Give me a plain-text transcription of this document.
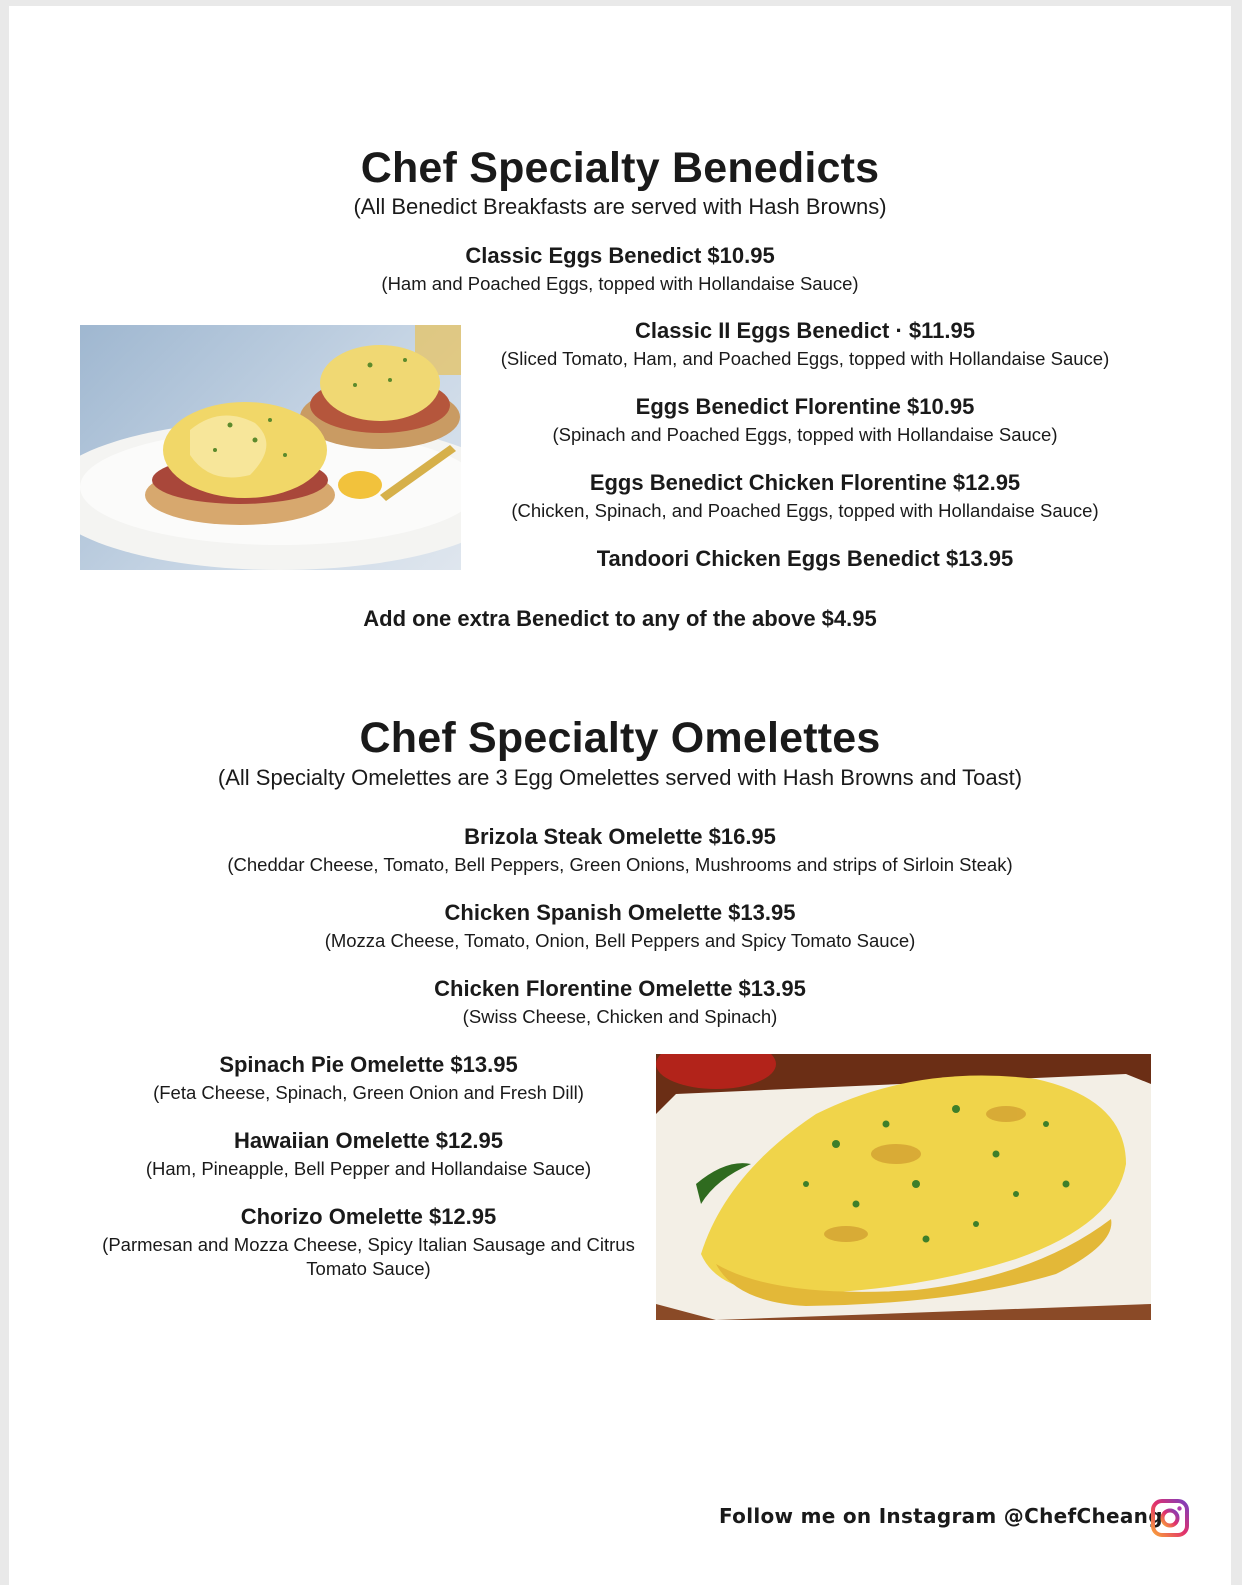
Chef Specialty Benedicts
(All Benedict Breakfasts are served with Hash Browns)
Classic Eggs Benedict $10.95
(Ham and Poached Eggs, topped with Hollandaise Sauce)
Classic II Eggs Benedict · $11.95
(Sliced Tomato, Ham, and Poached Eggs, topped with Hollandaise Sauce)
Eggs Benedict Florentine $10.95
(Spinach and Poached Eggs, topped with Hollandaise Sauce)
Eggs Benedict Chicken Florentine $12.95
(Chicken, Spinach, and Poached Eggs, topped with Hollandaise Sauce)
Tandoori Chicken Eggs Benedict $13.95
Add one extra Benedict to any of the above $4.95
Chef Specialty Omelettes
(All Specialty Omelettes are 3 Egg Omelettes served with Hash Browns and Toast)
Brizola Steak Omelette $16.95
(Cheddar Cheese, Tomato, Bell Peppers, Green Onions, Mushrooms and strips of Sirloin Steak)
Chicken Spanish Omelette $13.95
(Mozza Cheese, Tomato, Onion, Bell Peppers and Spicy Tomato Sauce)
Chicken Florentine Omelette $13.95
(Swiss Cheese, Chicken and Spinach)
Spinach Pie Omelette $13.95
(Feta Cheese, Spinach, Green Onion and Fresh Dill)
Hawaiian Omelette $12.95
(Ham, Pineapple, Bell Pepper and Hollandaise Sauce)
Chorizo Omelette $12.95
(Parmesan and Mozza Cheese, Spicy Italian Sausage and Citrus
Tomato Sauce)
Follow me on Instagram @ChefCheang
